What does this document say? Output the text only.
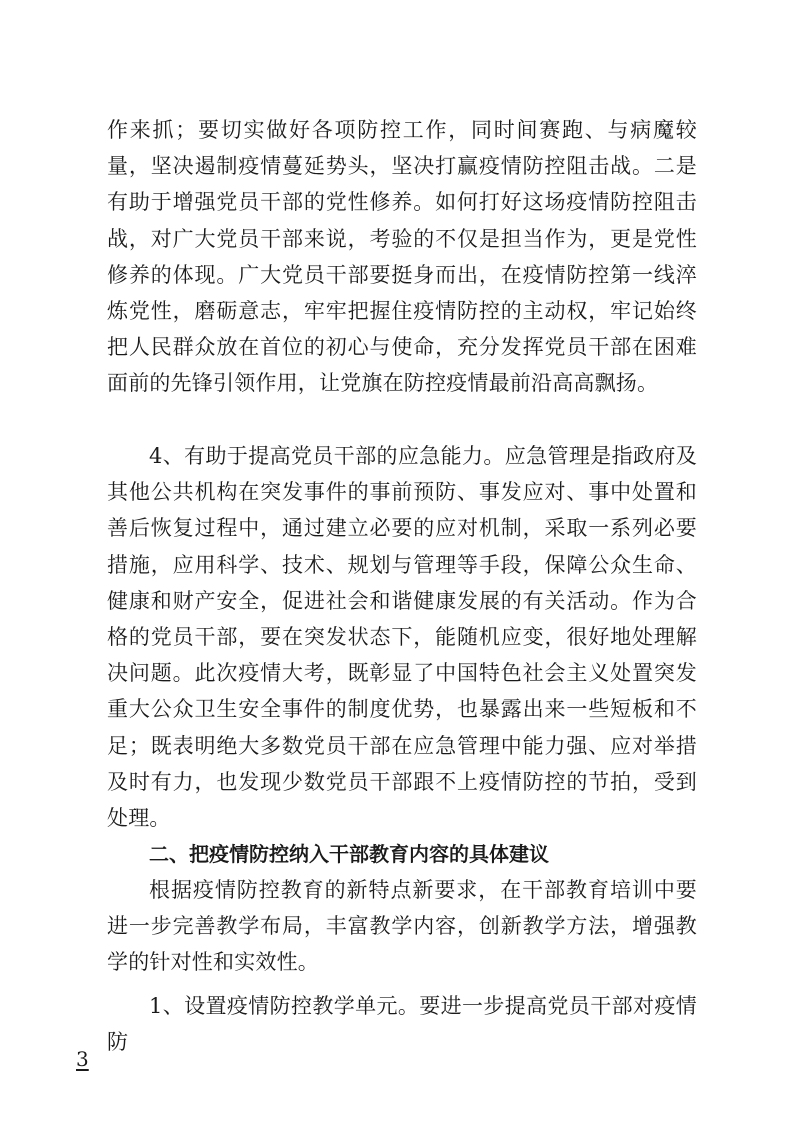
作来抓；要切实做好各项防控工作，同时间赛跑、与病魔较量，坚决遏制疫情蔓延势头，坚决打赢疫情防控阻击战。二是有助于增强党员干部的党性修养。如何打好这场疫情防控阻击战，对广大党员干部来说，考验的不仅是担当作为，更是党性修养的体现。广大党员干部要挺身而出，在疫情防控第一线淬炼党性，磨砺意志，牢牢把握住疫情防控的主动权，牢记始终把人民群众放在首位的初心与使命，充分发挥党员干部在困难面前的先锋引领作用，让党旗在防控疫情最前沿高高飘扬。

4、有助于提高党员干部的应急能力。应急管理是指政府及其他公共机构在突发事件的事前预防、事发应对、事中处置和善后恢复过程中，通过建立必要的应对机制，采取一系列必要措施，应用科学、技术、规划与管理等手段，保障公众生命、健康和财产安全，促进社会和谐健康发展的有关活动。作为合格的党员干部，要在突发状态下，能随机应变，很好地处理解决问题。此次疫情大考，既彰显了中国特色社会主义处置突发重大公众卫生安全事件的制度优势，也暴露出来一些短板和不足；既表明绝大多数党员干部在应急管理中能力强、应对举措及时有力，也发现少数党员干部跟不上疫情防控的节拍，受到处理。

二、把疫情防控纳入干部教育内容的具体建议

根据疫情防控教育的新特点新要求，在干部教育培训中要进一步完善教学布局，丰富教学内容，创新教学方法，增强教学的针对性和实效性。

1、设置疫情防控教学单元。要进一步提高党员干部对疫情防

3
